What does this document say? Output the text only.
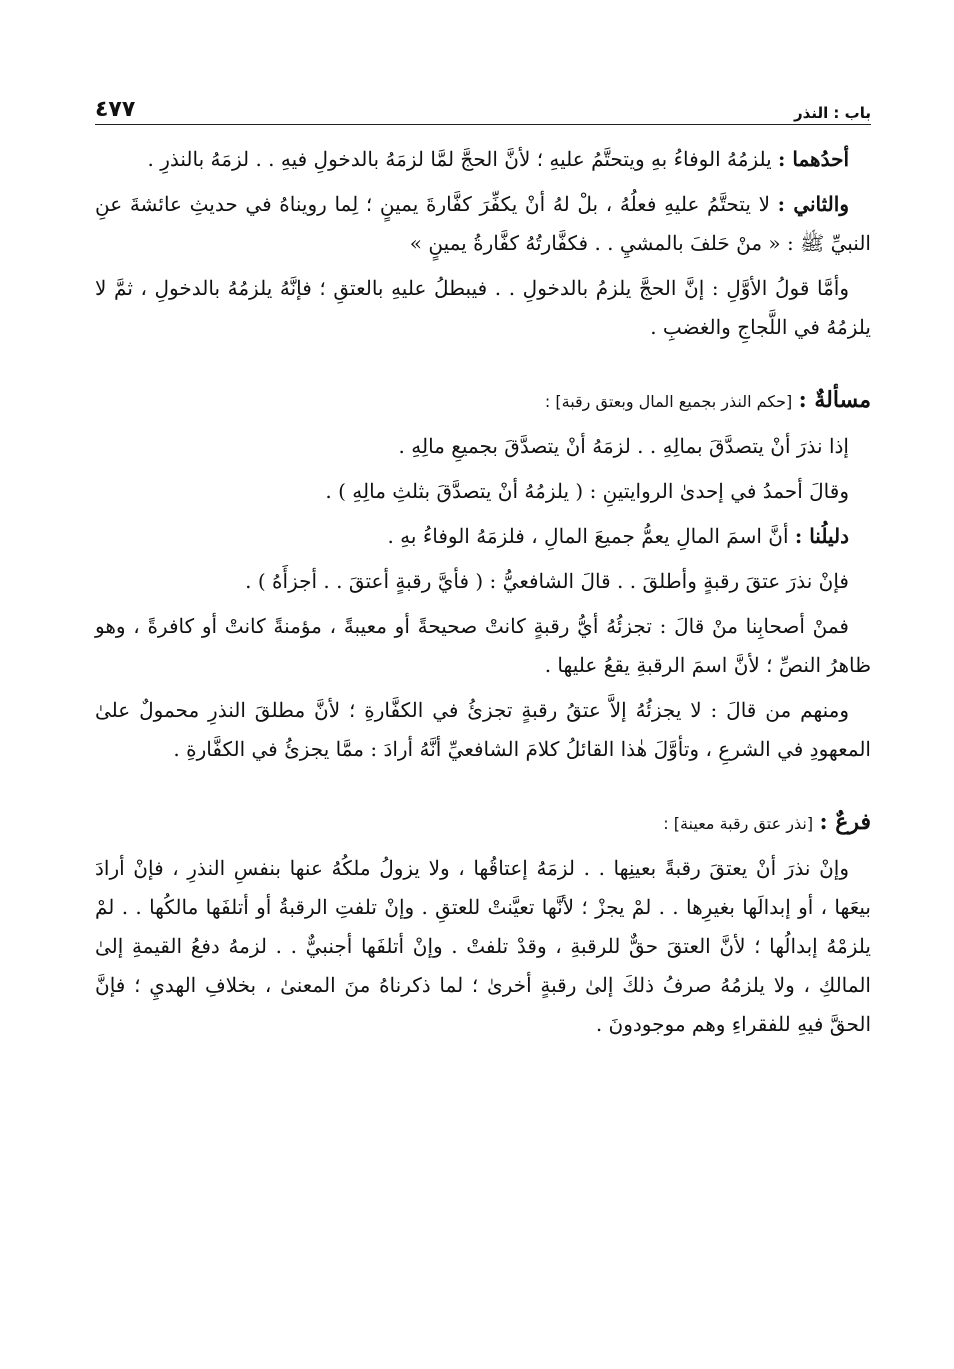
باب : النذر
٤٧٧

أحدُهما : يلزمُهُ الوفاءُ بهِ ويتحتَّمُ عليهِ ؛ لأنَّ الحجَّ لمَّا لزمَهُ بالدخولِ فيهِ . . لزمَهُ بالنذرِ .

والثاني : لا يتحتَّمُ عليهِ فعلُهُ ، بلْ لهُ أنْ يكفِّرَ كفَّارةَ يمينٍ ؛ لِما رويناهُ في حديثِ عائشةَ عنِ النبيِّ ﷺ : « منْ حَلفَ بالمشيِ . . فكفَّارتُهُ كفَّارةُ يمينٍ »

وأمَّا قولُ الأوَّلِ : إنَّ الحجَّ يلزمُ بالدخولِ . . فيبطلُ عليهِ بالعتقِ ؛ فإنَّهُ يلزمُهُ بالدخولِ ، ثمَّ لا يلزمُهُ في اللَّجاجِ والغضبِ .

مسألةٌ : [حكم النذر بجميع المال وبعتق رقبة] :

إذا نذرَ أنْ يتصدَّقَ بمالِهِ . . لزمَهُ أنْ يتصدَّقَ بجميعِ مالِهِ .

وقالَ أحمدُ في إحدىٰ الروايتينِ : ( يلزمُهُ أنْ يتصدَّقَ بثلثِ مالِهِ ) .

دليلُنا : أنَّ اسمَ المالِ يعمُّ جميعَ المالِ ، فلزمَهُ الوفاءُ بهِ .

فإنْ نذرَ عتقَ رقبةٍ وأطلقَ . . قالَ الشافعيُّ : ( فأيَّ رقبةٍ أعتقَ . . أجزأَهُ ) .

فمنْ أصحابِنا منْ قالَ : تجزئُهُ أيُّ رقبةٍ كانتْ صحيحةً أو معيبةً ، مؤمنةً كانتْ أو كافرةً ، وهو ظاهرُ النصِّ ؛ لأنَّ اسمَ الرقبةِ يقعُ عليها .

ومنهم من قالَ : لا يجزئُهُ إلاَّ عتقُ رقبةٍ تجزئُ في الكفَّارةِ ؛ لأنَّ مطلقَ النذرِ محمولٌ علىٰ المعهودِ في الشرعِ ، وتأوَّلَ هٰذا القائلُ كلامَ الشافعيِّ أنَّهُ أرادَ : ممَّا يجزئُ في الكفَّارةِ .

فرعٌ : [نذر عتق رقبة معينة] :

وإنْ نذرَ أنْ يعتقَ رقبةً بعينِها . . لزمَهُ إعتاقُها ، ولا يزولُ ملكُهُ عنها بنفسِ النذرِ ، فإنْ أرادَ بيعَها ، أو إبدالَها بغيرِها . . لمْ يجزْ ؛ لأنَّها تعيَّنتْ للعتقِ . وإنْ تلفتِ الرقبةُ أو أتلفَها مالكُها . . لمْ يلزمْهُ إبدالُها ؛ لأنَّ العتقَ حقٌّ للرقبةِ ، وقدْ تلفتْ . وإنْ أتلفَها أجنبيٌّ . . لزمهُ دفعُ القيمةِ إلىٰ المالكِ ، ولا يلزمُهُ صرفُ ذلكَ إلىٰ رقبةٍ أخرىٰ ؛ لما ذكرناهُ منَ المعنىٰ ، بخلافِ الهديِ ؛ فإنَّ الحقَّ فيهِ للفقراءِ وهم موجودونَ .
